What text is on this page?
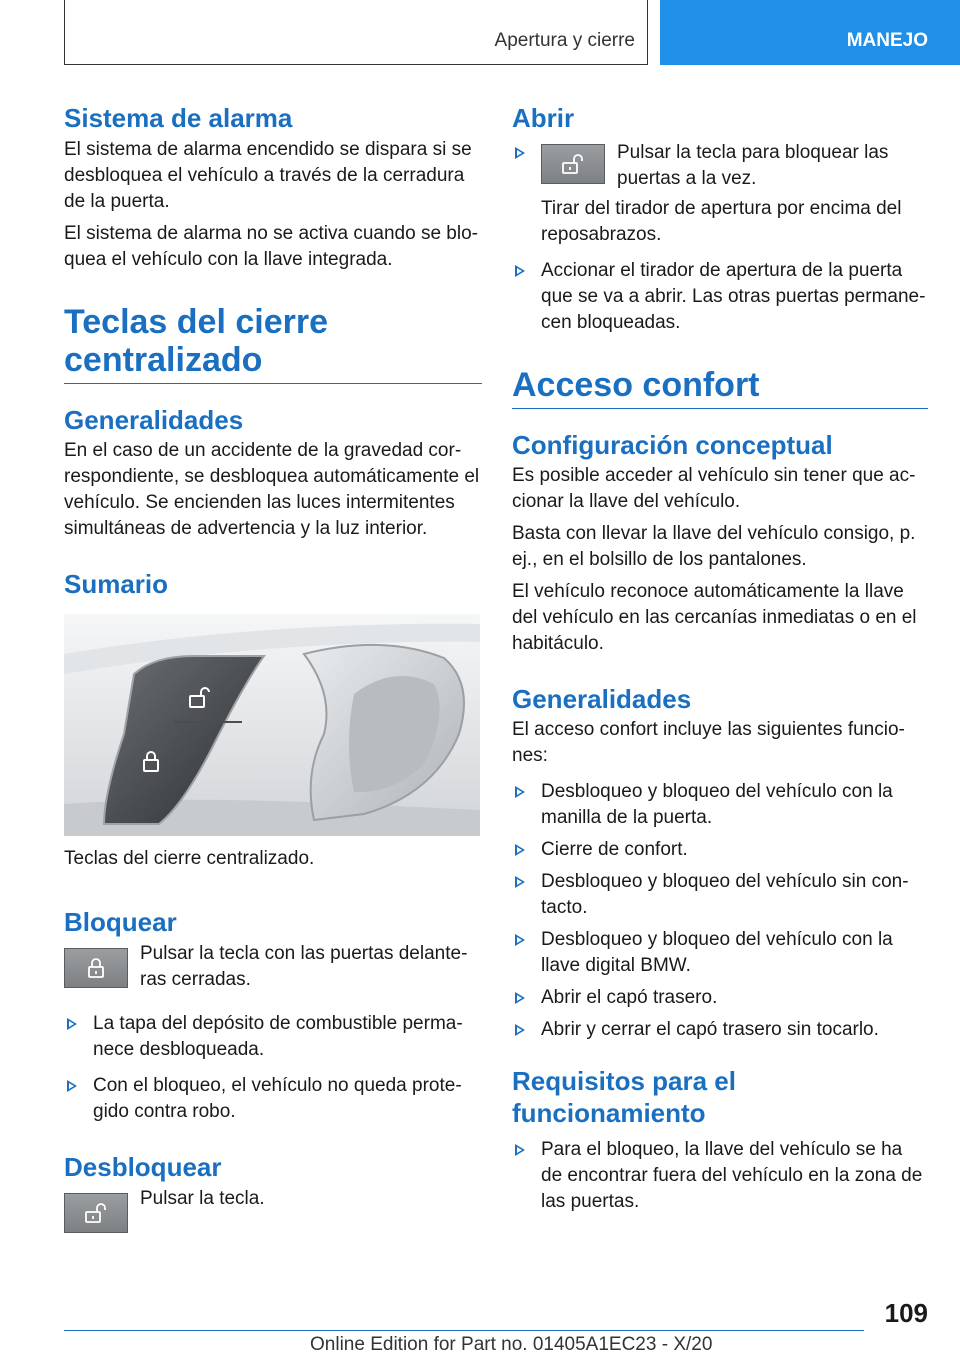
Apertura y cierre	MANEJO
Sistema de alarma

El sistema de alarma encendido se dispara si se desbloquea el vehículo a través de la cerradura de la puerta.

El sistema de alarma no se activa cuando se blo‐quea el vehículo con la llave integrada.

Teclas del cierre centralizado
Generalidades

En el caso de un accidente de la gravedad cor‐respondiente, se desbloquea automáticamente el vehículo. Se encienden las luces intermitentes simultáneas de advertencia y la luz interior.

Sumario

Teclas del cierre centralizado.

Bloquear
Pulsar la tecla con las puertas delante‐ras cerradas.
La tapa del depósito de combustible perma‐nece desbloqueada.
Con el bloqueo, el vehículo no queda prote‐gido contra robo.
Desbloquear
Pulsar la tecla.
Abrir
Pulsar la tecla para bloquear las puertas a la vez.

Tirar del tirador de apertura por encima del reposabrazos.

Accionar el tirador de apertura de la puerta que se va a abrir. Las otras puertas permane‐cen bloqueadas.
Acceso confort
Configuración conceptual

Es posible acceder al vehículo sin tener que ac‐cionar la llave del vehículo.

Basta con llevar la llave del vehículo consigo, p. ej., en el bolsillo de los pantalones.

El vehículo reconoce automáticamente la llave del vehículo en las cercanías inmediatas o en el habitáculo.

Generalidades

El acceso confort incluye las siguientes funcio‐nes:

Desbloqueo y bloqueo del vehículo con la manilla de la puerta.
Cierre de confort.
Desbloqueo y bloqueo del vehículo sin con‐tacto.
Desbloqueo y bloqueo del vehículo con la llave digital BMW.
Abrir el capó trasero.
Abrir y cerrar el capó trasero sin tocarlo.
Requisitos para el funcionamiento
Para el bloqueo, la llave del vehículo se ha de encontrar fuera del vehículo en la zona de las puertas.
109
Online Edition for Part no. 01405A1EC23 - X/20
